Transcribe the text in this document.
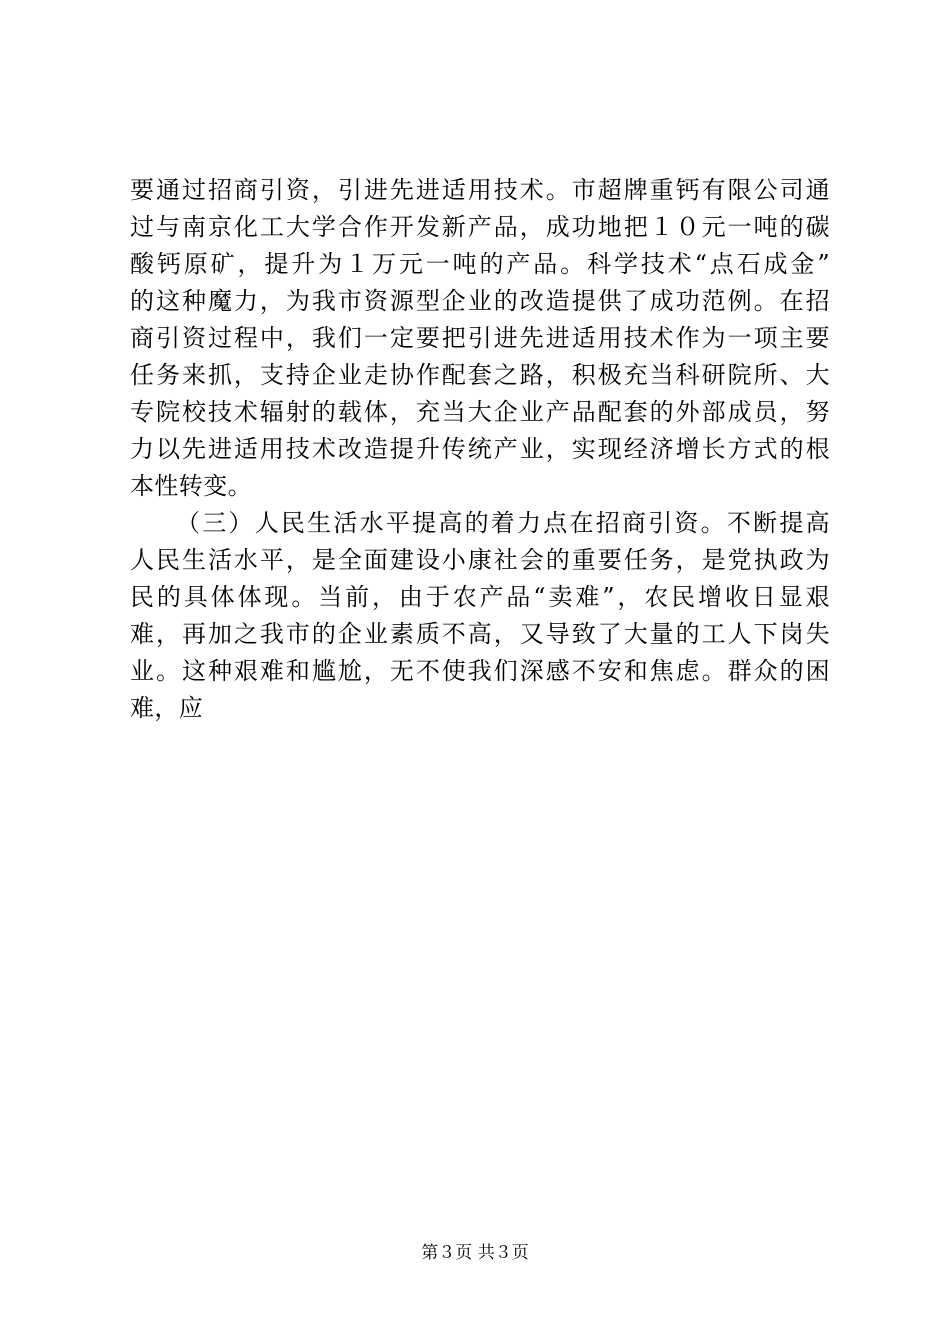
要通过招商引资，引进先进适用技术。市超牌重钙有限公司通
过与南京化工大学合作开发新产品，成功地把１０元一吨的碳
酸钙原矿，提升为１万元一吨的产品。科学技术“点石成金”
的这种魔力，为我市资源型企业的改造提供了成功范例。在招
商引资过程中，我们一定要把引进先进适用技术作为一项主要
任务来抓，支持企业走协作配套之路，积极充当科研院所、大
专院校技术辐射的载体，充当大企业产品配套的外部成员，努
力以先进适用技术改造提升传统产业，实现经济增长方式的根
本性转变。
（三）人民生活水平提高的着力点在招商引资。不断提高
人民生活水平，是全面建设小康社会的重要任务，是党执政为
民的具体体现。当前，由于农产品“卖难”，农民增收日显艰
难，再加之我市的企业素质不高，又导致了大量的工人下岗失
业。这种艰难和尴尬，无不使我们深感不安和焦虑。群众的困
难，应
第３页 共３页
